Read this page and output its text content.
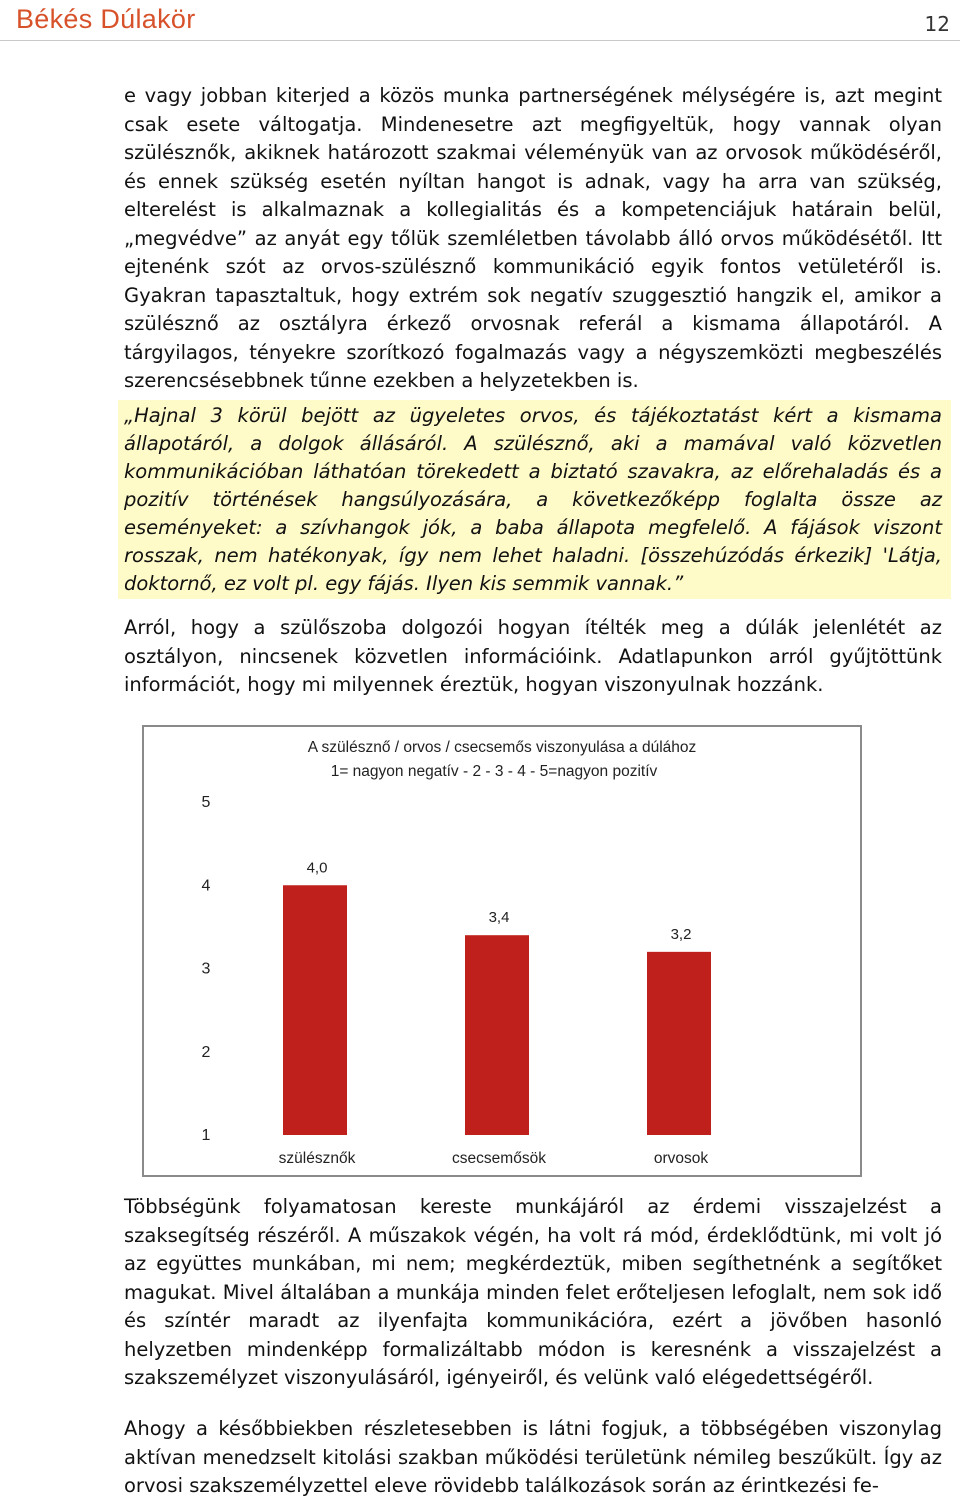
Békés Dúlakör	12

e vagy jobban kiterjed a közös munka partnerségének mélységére is, azt megint csak esete váltogatja. Mindenesetre azt megfigyeltük, hogy vannak olyan szülésznők, akiknek határozott szakmai véleményük van az orvosok működéséről, és ennek szükség esetén nyíltan hangot is adnak, vagy ha arra van szükség, elterelést is alkalmaznak a kollegialitás és a kompetenciájuk határain belül, „megvédve” az anyát egy tőlük szemléletben távolabb álló orvos működésétől. Itt ejtenénk szót az orvos-szülésznő kommunikáció egyik fontos vetületéről is. Gyakran tapasztaltuk, hogy extrém sok negatív szuggesztió hangzik el, amikor a szülésznő az osztályra érkező orvosnak referál a kismama állapotáról. A tárgyilagos, tényekre szorítkozó fogalmazás vagy a négyszemközti megbeszélés szerencsésebbnek tűnne ezekben a helyzetekben is.

„Hajnal 3 körül bejött az ügyeletes orvos, és tájékoztatást kért a kismama állapotáról, a dolgok állásáról. A szülésznő, aki a mamával való közvetlen kommunikációban láthatóan törekedett a biztató szavakra, az előrehaladás és a pozitív történések hangsúlyozására, a következőképp foglalta össze az eseményeket: a szívhangok jók, a baba állapota megfelelő. A fájások viszont rosszak, nem hatékonyak, így nem lehet haladni. [összehúzódás érkezik] 'Látja, doktornő, ez volt pl. egy fájás. Ilyen kis semmik vannak.”

Arról, hogy a szülőszoba dolgozói hogyan ítélték meg a dúlák jelenlétét az osztályon, nincsenek közvetlen információink. Adatlapunkon arról gyűjtöttünk információt, hogy mi milyennek éreztük, hogyan viszonyulnak hozzánk.

A szülésznő / orvos / csecsemős viszonyulása a dúlához
1= nagyon negatív - 2 - 3 - 4 - 5=nagyon pozitív
1
2
3
4
5
4,0
3,4
3,2
szülésznők	csecsemősök	orvosok

Többségünk folyamatosan kereste munkájáról az érdemi visszajelzést a szaksegítség részéről. A műszakok végén, ha volt rá mód, érdeklődtünk, mi volt jó az együttes munkában, mi nem; megkérdeztük, miben segíthetnénk a segítőket magukat. Mivel általában a munkája minden felet erőteljesen lefoglalt, nem sok idő és színtér maradt az ilyenfajta kommunikációra, ezért a jövőben hasonló helyzetben mindenképp formalizáltabb módon is keresnénk a visszajelzést a szakszemélyzet viszonyulásáról, igényeiről, és velünk való elégedettségéről.

Ahogy a későbbiekben részletesebben is látni fogjuk, a többségében viszonylag aktívan menedzselt kitolási szakban működési területünk némileg beszűkült. Így az orvosi szakszemélyzettel eleve rövidebb találkozások során az érintkezési fe-
